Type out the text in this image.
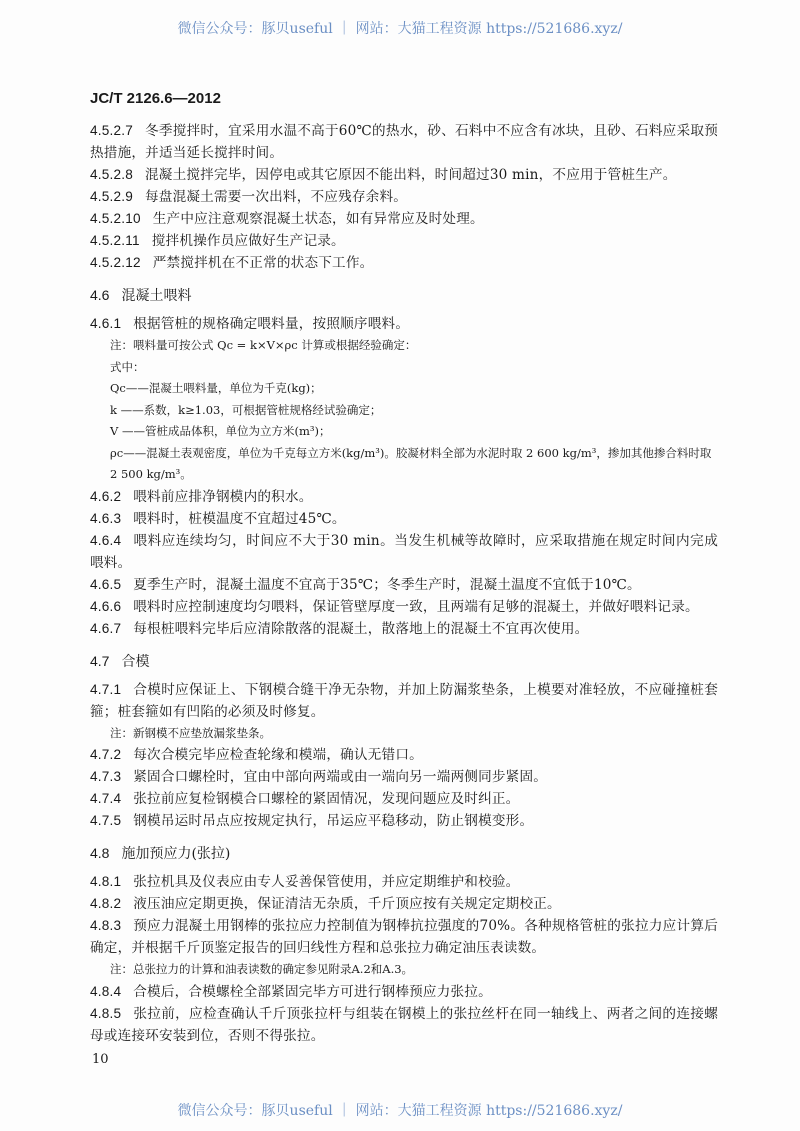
微信公众号：豚贝useful ｜ 网站：大猫工程资源 https://521686.xyz/
JC/T 2126.6—2012
4.5.2.7 冬季搅拌时，宜采用水温不高于60℃的热水，砂、石料中不应含有冰块，且砂、石料应采取预热措施，并适当延长搅拌时间。
4.5.2.8 混凝土搅拌完毕，因停电或其它原因不能出料，时间超过30 min，不应用于管桩生产。
4.5.2.9 每盘混凝土需要一次出料，不应残存余料。
4.5.2.10 生产中应注意观察混凝土状态，如有异常应及时处理。
4.5.2.11 搅拌机操作员应做好生产记录。
4.5.2.12 严禁搅拌机在不正常的状态下工作。
4.6 混凝土喂料
4.6.1 根据管桩的规格确定喂料量，按照顺序喂料。
注：喂料量可按公式 Qc = k×V×ρc 计算或根据经验确定：
式中：
Qc——混凝土喂料量，单位为千克(kg)；
k ——系数，k≥1.03，可根据管桩规格经试验确定；
V ——管桩成品体积，单位为立方米(m³)；
ρc——混凝土表观密度，单位为千克每立方米(kg/m³)。胶凝材料全部为水泥时取 2 600 kg/m³，掺加其他掺合料时取2 500 kg/m³。
4.6.2 喂料前应排净钢模内的积水。
4.6.3 喂料时，桩模温度不宜超过45℃。
4.6.4 喂料应连续均匀，时间应不大于30 min。当发生机械等故障时，应采取措施在规定时间内完成喂料。
4.6.5 夏季生产时，混凝土温度不宜高于35℃；冬季生产时，混凝土温度不宜低于10℃。
4.6.6 喂料时应控制速度均匀喂料，保证管壁厚度一致，且两端有足够的混凝土，并做好喂料记录。
4.6.7 每根桩喂料完毕后应清除散落的混凝土，散落地上的混凝土不宜再次使用。
4.7 合模
4.7.1 合模时应保证上、下钢模合缝干净无杂物，并加上防漏浆垫条，上模要对准轻放，不应碰撞桩套箍；桩套箍如有凹陷的必须及时修复。
注：新钢模不应垫放漏浆垫条。
4.7.2 每次合模完毕应检查轮缘和模端，确认无错口。
4.7.3 紧固合口螺栓时，宜由中部向两端或由一端向另一端两侧同步紧固。
4.7.4 张拉前应复检钢模合口螺栓的紧固情况，发现问题应及时纠正。
4.7.5 钢模吊运时吊点应按规定执行，吊运应平稳移动，防止钢模变形。
4.8 施加预应力(张拉)
4.8.1 张拉机具及仪表应由专人妥善保管使用，并应定期维护和校验。
4.8.2 液压油应定期更换，保证清洁无杂质，千斤顶应按有关规定定期校正。
4.8.3 预应力混凝土用钢棒的张拉应力控制值为钢棒抗拉强度的70%。各种规格管桩的张拉力应计算后确定，并根据千斤顶鉴定报告的回归线性方程和总张拉力确定油压表读数。
注：总张拉力的计算和油表读数的确定参见附录A.2和A.3。
4.8.4 合模后，合模螺栓全部紧固完毕方可进行钢棒预应力张拉。
4.8.5 张拉前，应检查确认千斤顶张拉杆与组装在钢模上的张拉丝杆在同一轴线上、两者之间的连接螺母或连接环安装到位，否则不得张拉。
10
微信公众号：豚贝useful ｜ 网站：大猫工程资源 https://521686.xyz/
